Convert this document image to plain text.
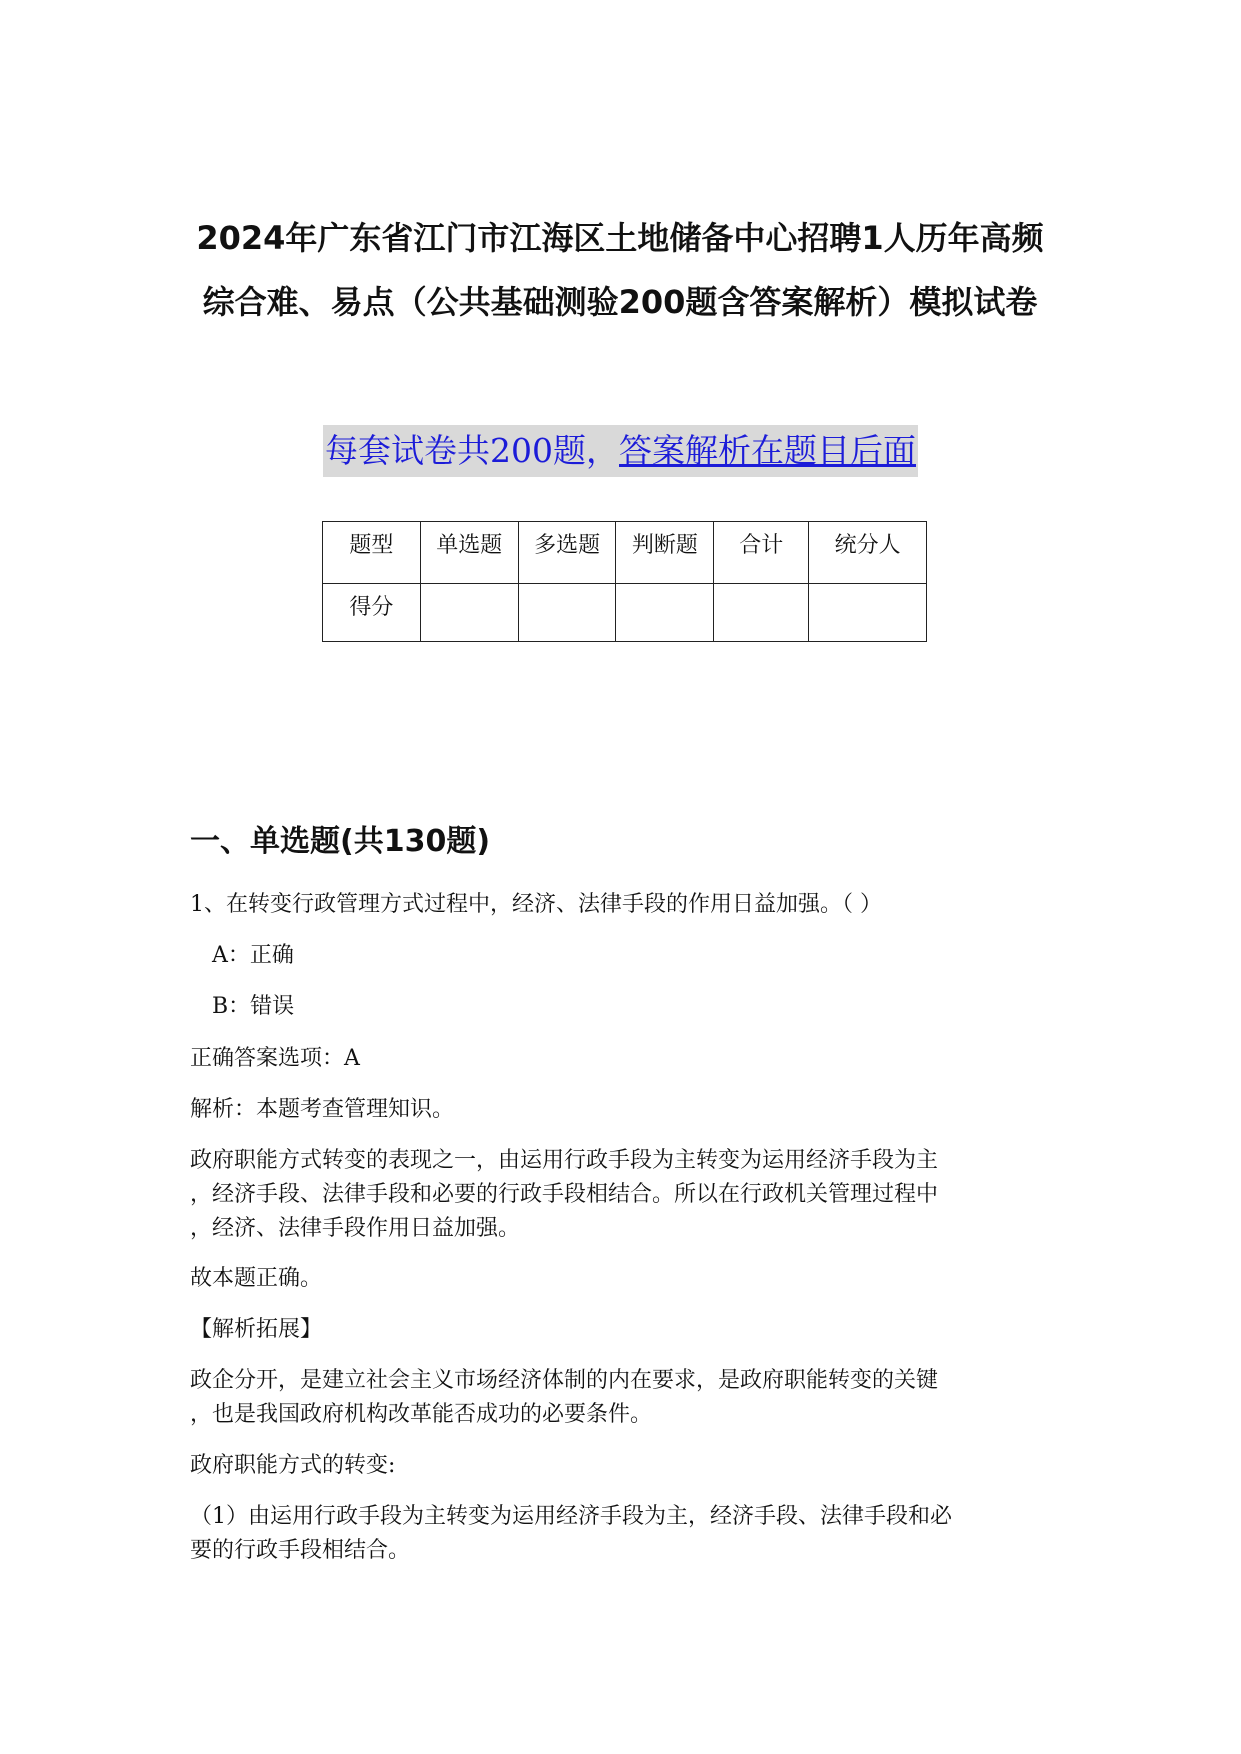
2024年广东省江门市江海区土地储备中心招聘1人历年高频
综合难、易点（公共基础测验200题含答案解析）模拟试卷
每套试卷共200题，答案解析在题目后面
题型	单选题	多选题	判断题	合计	统分人
得分					
一、单选题(共130题)
1、在转变行政管理方式过程中，经济、法律手段的作用日益加强。（ ）
A：正确
B：错误
正确答案选项：A
解析：本题考查管理知识。
政府职能方式转变的表现之一，由运用行政手段为主转变为运用经济手段为主
，经济手段、法律手段和必要的行政手段相结合。所以在行政机关管理过程中
，经济、法律手段作用日益加强。
故本题正确。
【解析拓展】
政企分开，是建立社会主义市场经济体制的内在要求，是政府职能转变的关键
，也是我国政府机构改革能否成功的必要条件。
政府职能方式的转变:
（1）由运用行政手段为主转变为运用经济手段为主，经济手段、法律手段和必
要的行政手段相结合。
